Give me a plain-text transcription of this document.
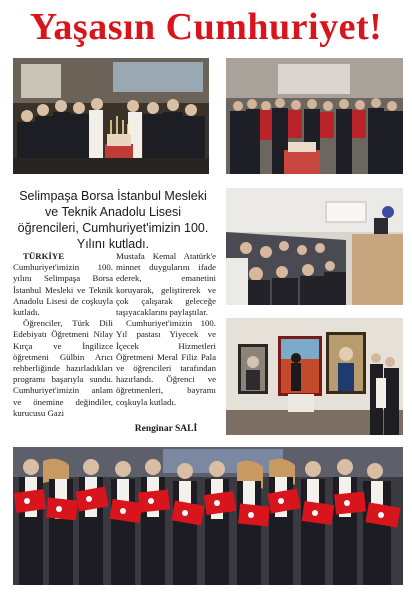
Yaşasın Cumhuriyet!
Selimpaşa Borsa İstanbul Mesleki ve Teknik Anadolu Lisesi öğrencileri, Cumhuriyet'imizin 100. Yılını kutladı.

TÜRKİYE Cumhuriyet'imizin 100. yılını Selimpaşa Borsa İstanbul Mesleki ve Teknik Anadolu Lisesi de coşkuyla kutladı.

Öğrenciler, Türk Dili Edebiyatı Öğretmeni Nilay Kırça ve İngilizce öğretmeni Gülbin Arıcı rehberliğinde hazırladıkları programı başarıyla sundu. Cumhuriyet'imizin anlam ve önemine değindiler, kurucusu Gazi

Mustafa Kemal Atatürk'e minnet duygularını ifade ederek, emanetini koruyarak, geliştirerek ve çok çalışarak geleceğe taşıyacaklarını paylaştılar.

Cumhuriyet'imizin 100. Yıl pastası Yiyecek ve İçecek Hizmetleri Öğretmeni Meral Filiz Pala ve öğrencileri tarafından hazırlandı. Öğrenci ve öğretmenleri, bayramı coşkuyla kutladı.

Renginar SALİ
